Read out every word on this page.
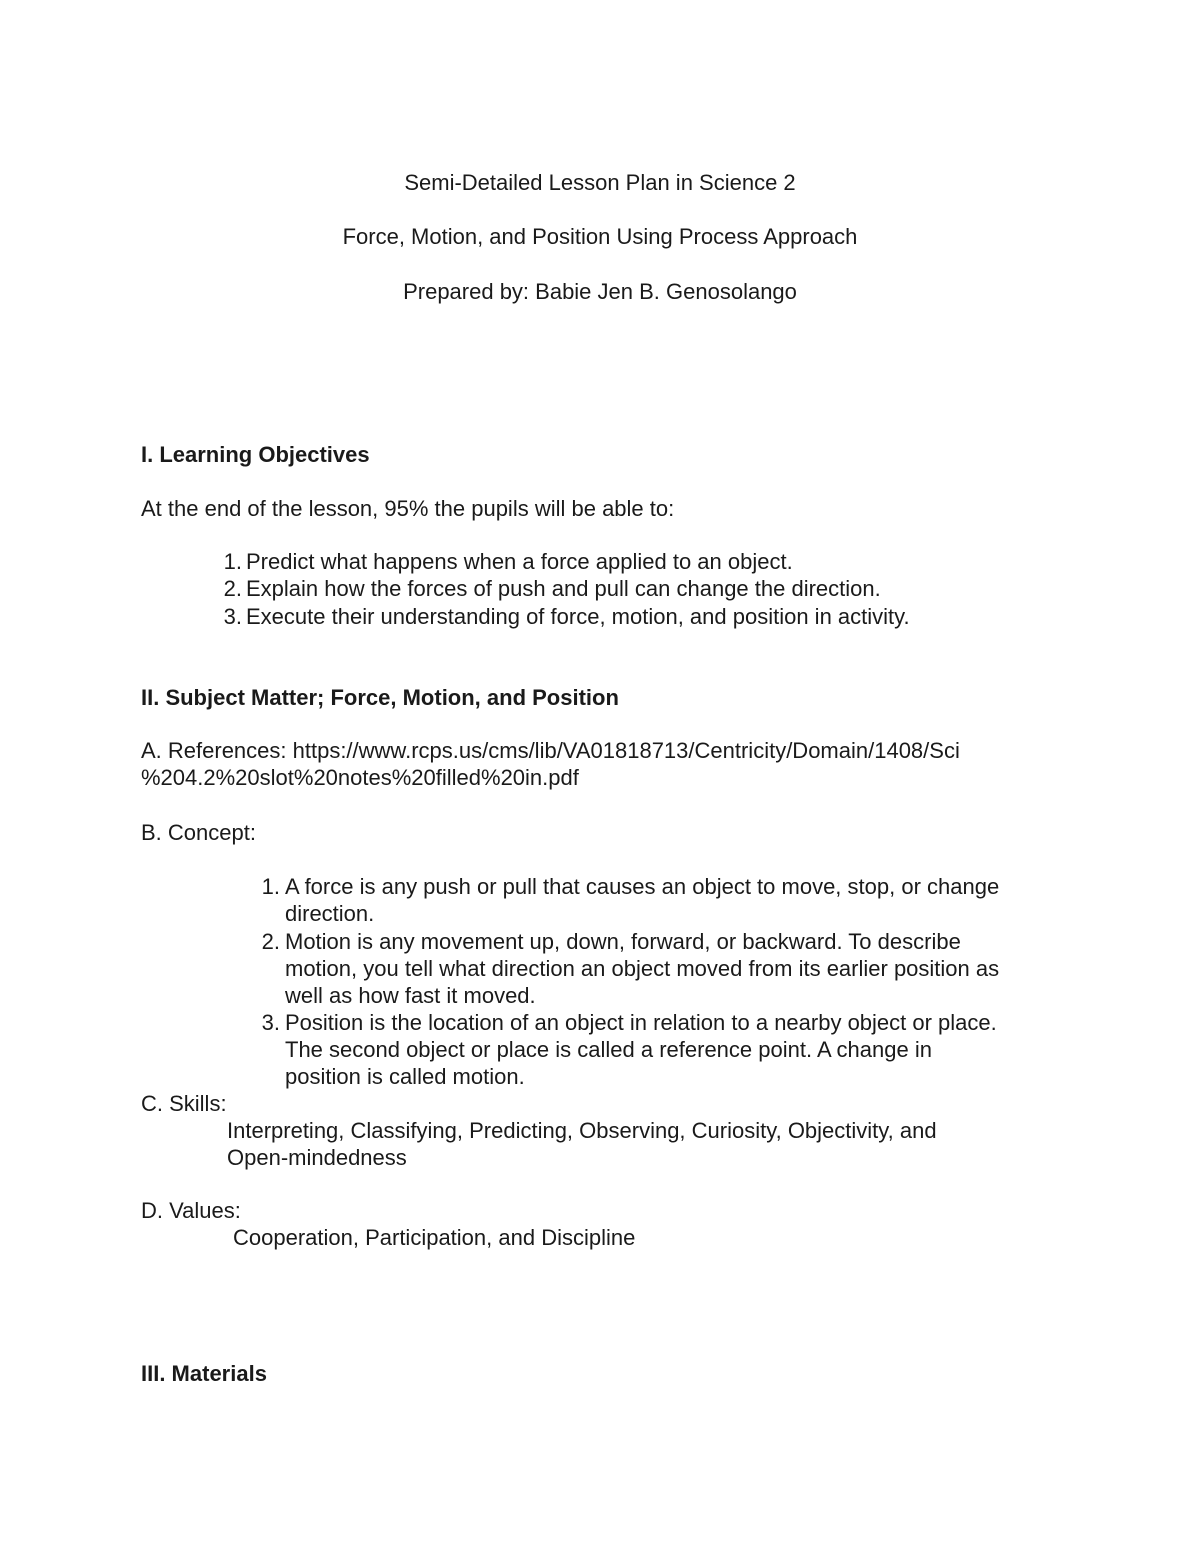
Semi-Detailed Lesson Plan in Science 2

Force, Motion, and Position Using Process Approach

Prepared by: Babie Jen B. Genosolango

I. Learning Objectives

At the end of the lesson, 95% the pupils will be able to:

1. Predict what happens when a force applied to an object.
2. Explain how the forces of push and pull can change the direction.
3. Execute their understanding of force, motion, and position in activity.

II. Subject Matter; Force, Motion, and Position

A. References: https://www.rcps.us/cms/lib/VA01818713/Centricity/Domain/1408/Sci

%204.2%20slot%20notes%20filled%20in.pdf

B. Concept:

1. A force is any push or pull that causes an object to move, stop, or change
direction.
2. Motion is any movement up, down, forward, or backward. To describe
motion, you tell what direction an object moved from its earlier position as
well as how fast it moved.
3. Position is the location of an object in relation to a nearby object or place.
The second object or place is called a reference point. A change in
position is called motion.

C. Skills:

Interpreting, Classifying, Predicting, Observing, Curiosity, Objectivity, and

Open-mindedness

D. Values:

Cooperation, Participation, and Discipline

III. Materials
